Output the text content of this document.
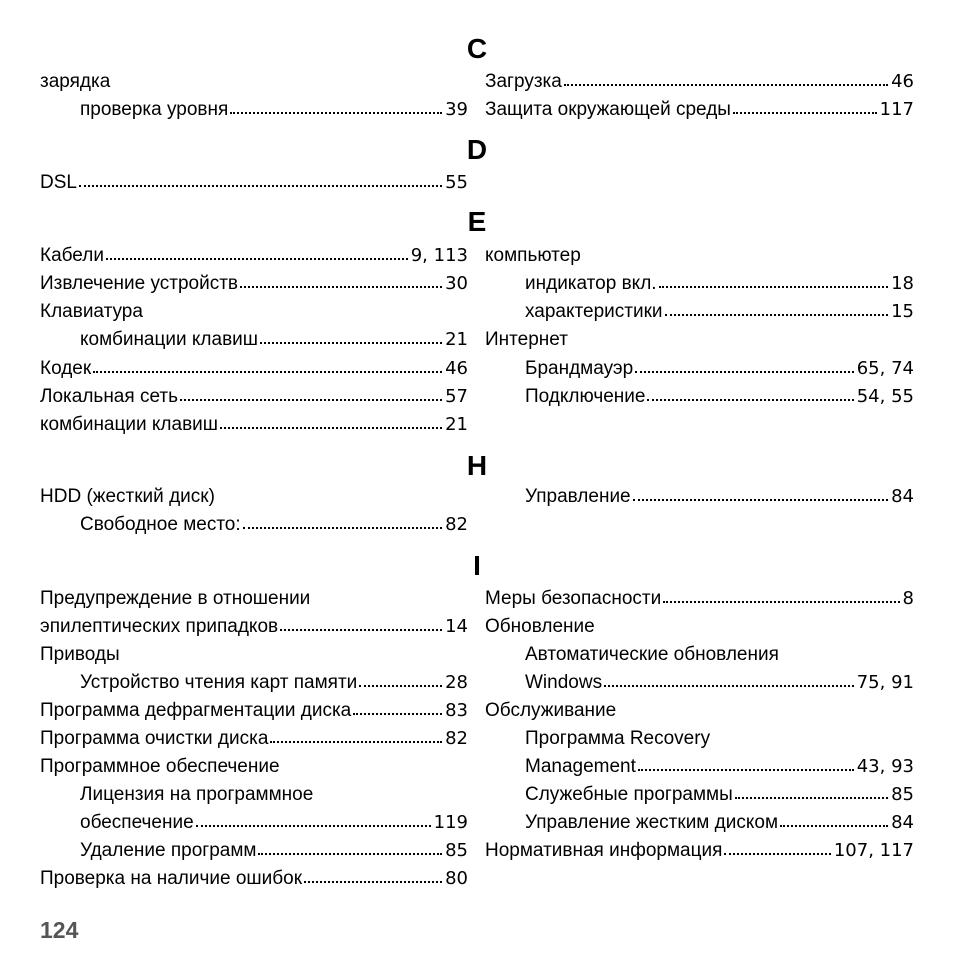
C
D
E
H
I
зарядка
проверка уровня	39
Загрузка	46
Защита окружающей среды	117
DSL	55
Кабели	9, 113
Извлечение устройств	30
Клавиатура
комбинации клавиш	21
Кодек	46
Локальная сеть	57
комбинации клавиш	21
компьютер
индикатор вкл.	18
характеристики	15
Интернет
Брандмауэр	65, 74
Подключение	54, 55
HDD (жесткий диск)
Свободное место:	82
Управление	84
Предупреждение в отношении
эпилептических припадков	14
Приводы
Устройство чтения карт памяти	28
Программа дефрагментации диска	83
Программа очистки диска	82
Программное обеспечение
Лицензия на программное
обеспечение	119
Удаление программ	85
Проверка на наличие ошибок	80
Меры безопасности	8
Обновление
Автоматические обновления
Windows	75, 91
Обслуживание
Программа Recovery
Management	43, 93
Служебные программы	85
Управление жестким диском	84
Нормативная информация	107, 117
124
